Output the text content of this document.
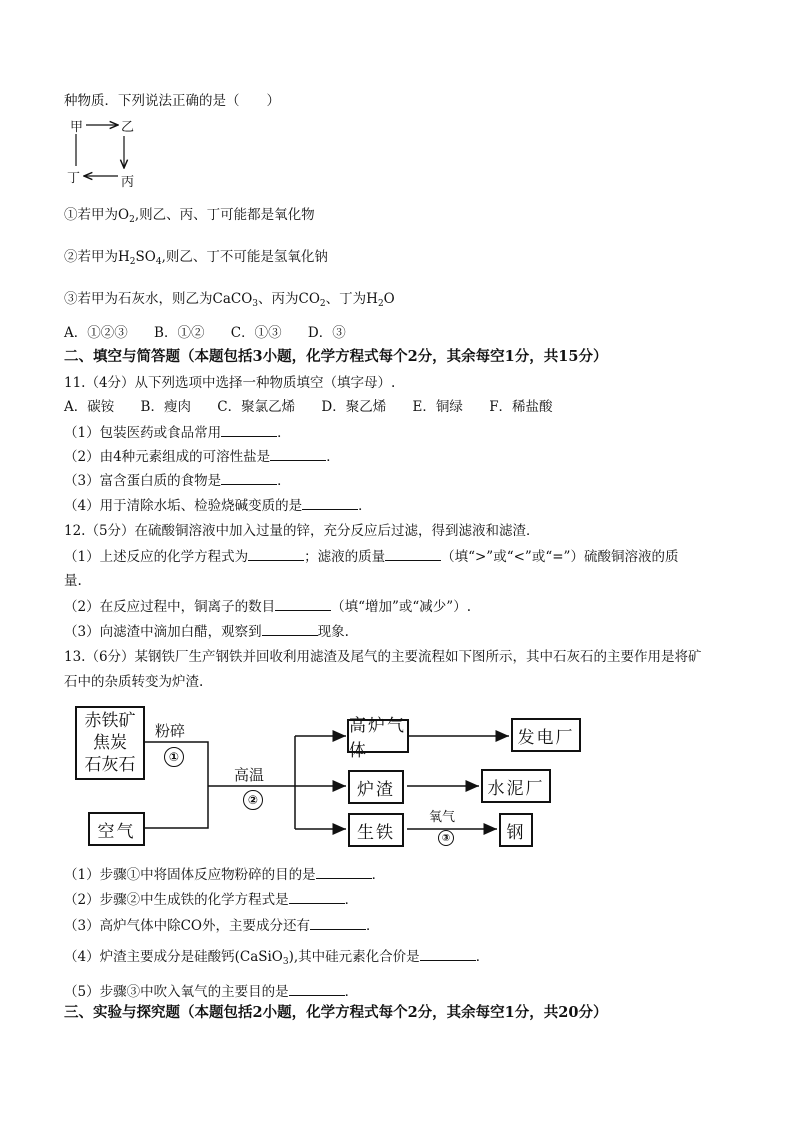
种物质．下列说法正确的是（　　）
甲	乙
丙
丁
①若甲为$O_2$,则乙、丙、丁可能都是氧化物
②若甲为$H_2SO_4$,则乙、丁不可能是氢氧化钠
③若甲为石灰水，则乙为CaCO$_3$、丙为$CO_2$、丁为$H_2O$
A．①②③ B．①② C．①③ D．③
二、填空与简答题（本题包括3小题，化学方程式每个2分，其余每空1分，共15分）
11.（4分）从下列选项中选择一种物质填空（填字母）.
A．碳铵 B．瘦肉 C．聚氯乙烯 D．聚乙烯 E．铜绿 F．稀盐酸
（1）包装医药或食品常用	．
（2）由4种元素组成的可溶性盐是	．
（3）富含蛋白质的食物是	．
（4）用于清除水垢、检验烧碱变质的是	．
12.（5分）在硫酸铜溶液中加入过量的锌，充分反应后过滤，得到滤液和滤渣．
（1）上述反应的化学方程式为	；滤液的质量	（填“>”或“<”或“=”）硫酸铜溶液的质
量.
（2）在反应过程中，铜离子的数目	（填“增加”或“减少”）.
（3）向滤渣中滴加白醋，观察到	现象.
13.（6分）某钢铁厂生产钢铁并回收利用滤渣及尾气的主要流程如下图所示，其中石灰石的主要作用是将矿
石中的杂质转变为炉渣.
赤铁矿
焦炭
石灰石
粉碎
①
空气
高温
②
高炉气体
发电厂
炉渣	水泥厂
生铁
氧气
③	钢
（1）步骤①中将固体反应物粉碎的目的是	．
（2）步骤②中生成铁的化学方程式是	．
（3）高炉气体中除CO外，主要成分还有	．
（4）炉渣主要成分是硅酸钙(CaSiO$_3$),其中硅元素化合价是	．
（5）步骤③中吹入氧气的主要目的是	．
三、实验与探究题（本题包括2小题，化学方程式每个2分，其余每空1分，共20分）
